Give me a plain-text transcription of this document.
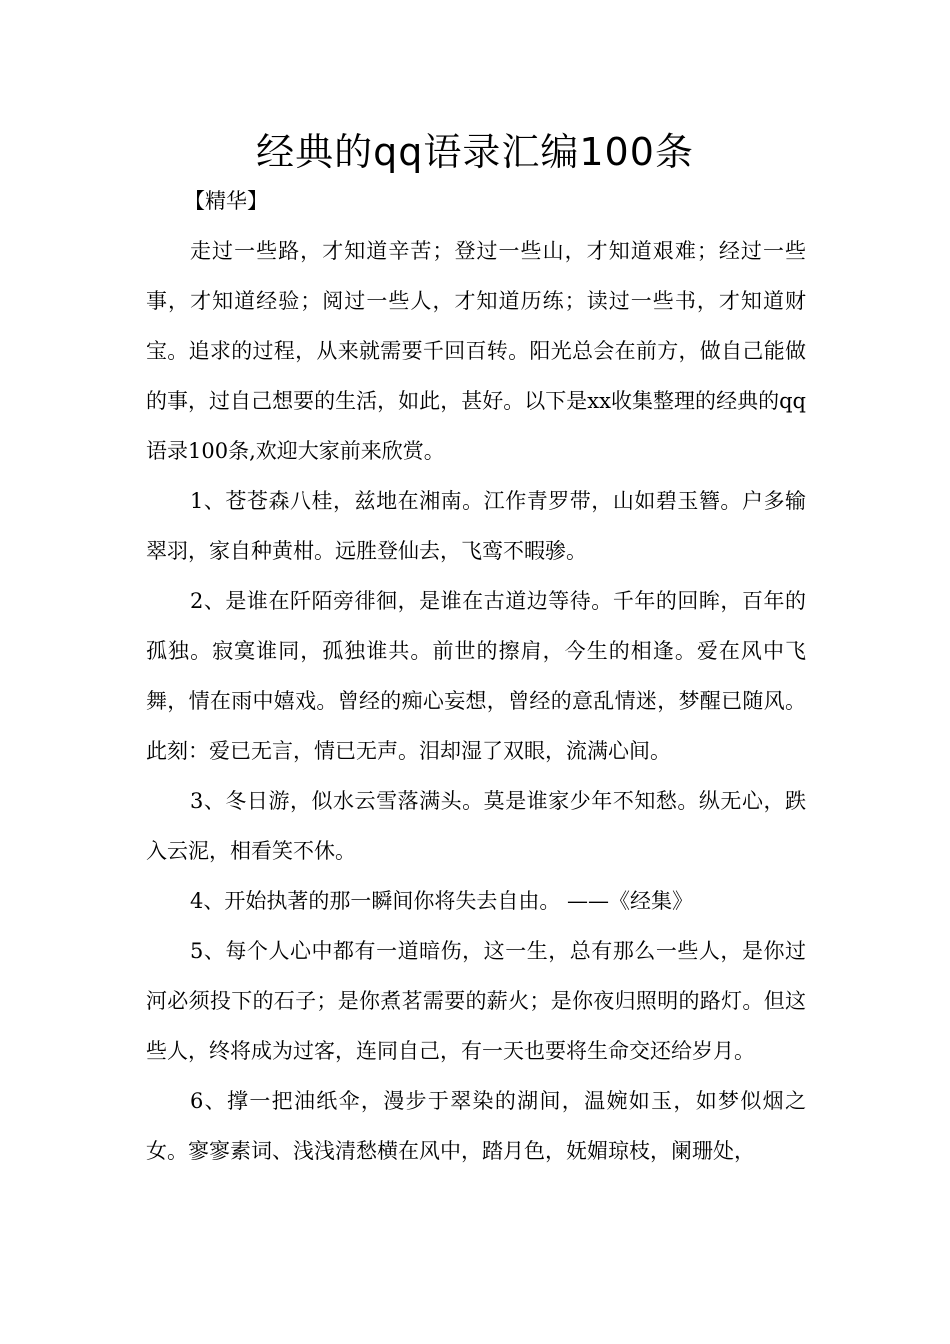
经典的qq语录汇编100条
【精华】

走过一些路，才知道辛苦；登过一些山，才知道艰难；经过一些事，才知道经验；阅过一些人，才知道历练；读过一些书，才知道财宝。追求的过程，从来就需要千回百转。阳光总会在前方，做自己能做的事，过自己想要的生活，如此，甚好。以下是xx收集整理的经典的qq语录100条,欢迎大家前来欣赏。

1、苍苍森八桂，兹地在湘南。江作青罗带，山如碧玉簪。户多输翠羽，家自种黄柑。远胜登仙去，飞鸾不暇骖。

2、是谁在阡陌旁徘徊，是谁在古道边等待。千年的回眸，百年的孤独。寂寞谁同，孤独谁共。前世的擦肩，今生的相逢。爱在风中飞舞，情在雨中嬉戏。曾经的痴心妄想，曾经的意乱情迷，梦醒已随风。此刻：爱已无言，情已无声。泪却湿了双眼，流满心间。

3、冬日游，似水云雪落满头。莫是谁家少年不知愁。纵无心，跌入云泥，相看笑不休。

4、开始执著的那一瞬间你将失去自由。 ——《经集》

5、每个人心中都有一道暗伤，这一生，总有那么一些人，是你过河必须投下的石子；是你煮茗需要的薪火；是你夜归照明的路灯。但这些人，终将成为过客，连同自己，有一天也要将生命交还给岁月。

6、撑一把油纸伞，漫步于翠染的湖间，温婉如玉，如梦似烟之女。寥寥素词、浅浅清愁横在风中，踏月色，妩媚琼枝，阑珊处，
